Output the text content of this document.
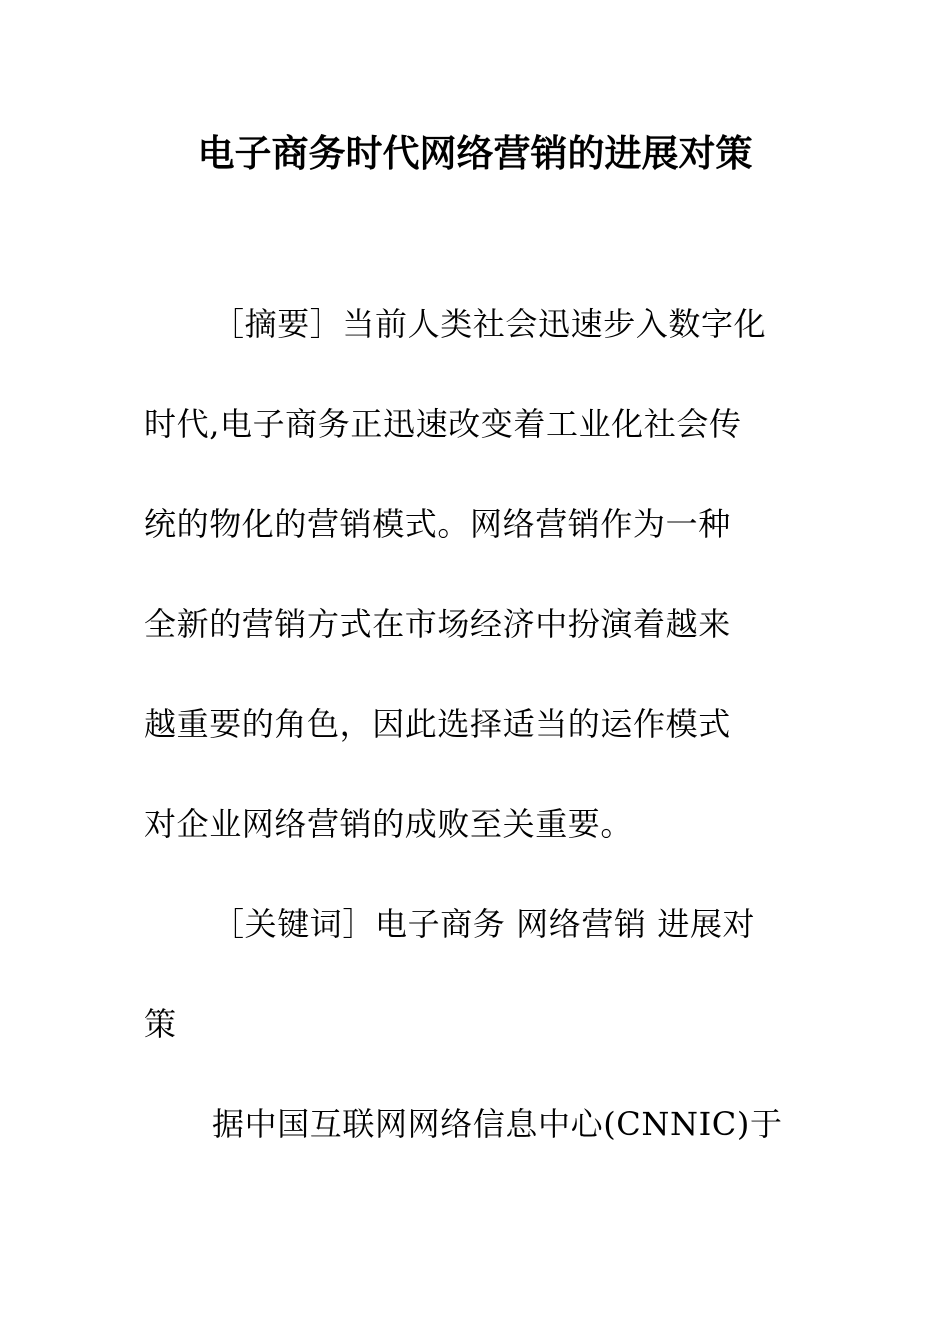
电子商务时代网络营销的进展对策
［摘要］当前人类社会迅速步入数字化
时代,电子商务正迅速改变着工业化社会传
统的物化的营销模式。网络营销作为一种
全新的营销方式在市场经济中扮演着越来
越重要的角色，因此选择适当的运作模式
对企业网络营销的成败至关重要。
［关键词］电子商务 网络营销 进展对
策
据中国互联网网络信息中心(CNNIC)于
